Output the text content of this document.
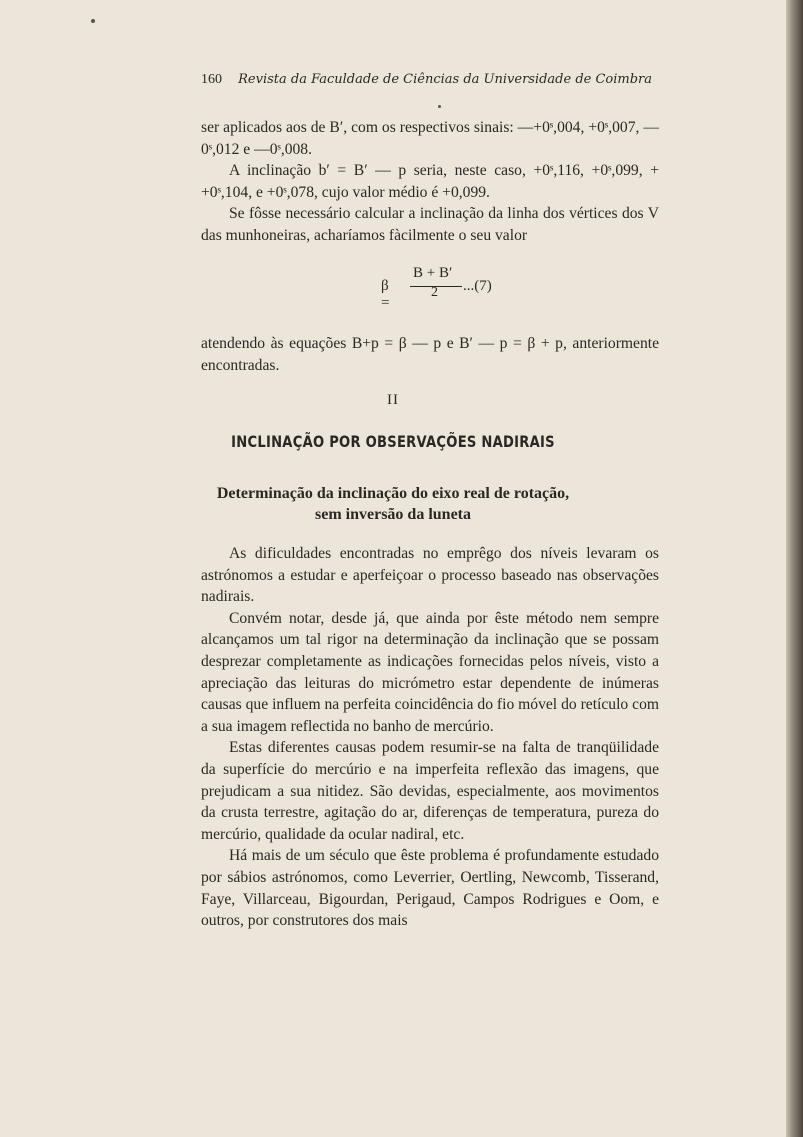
160 Revista da Faculdade de Ciências da Universidade de Coimbra

ser aplicados aos de B′, com os respectivos sinais: —+0ˢ,004, +0ˢ,007, —0ˢ,012 e —0ˢ,008.

A inclinação b′ = B′ — p seria, neste caso, +0ˢ,116, +0ˢ,099, + +0ˢ,104, e +0ˢ,078, cujo valor médio é +0,099.

Se fôsse necessário calcular a inclinação da linha dos vértices dos V das munhoneiras, acharíamos fàcilmente o seu valor

β =
B + B′
2 ...(7)

atendendo às equações B+p = β — p e B′ — p = β + p, anteriormente encontradas.

II
INCLINAÇÃO POR OBSERVAÇÕES NADIRAIS
Determinação da inclinação do eixo real de rotação,
sem inversão da luneta

As dificuldades encontradas no emprêgo dos níveis levaram os astrónomos a estudar e aperfeiçoar o processo baseado nas observações nadirais.

Convém notar, desde já, que ainda por êste método nem sempre alcançamos um tal rigor na determinação da inclinação que se possam desprezar completamente as indicações fornecidas pelos níveis, visto a apreciação das leituras do micrómetro estar dependente de inúmeras causas que influem na perfeita coincidência do fio móvel do retículo com a sua imagem reflectida no banho de mercúrio.

Estas diferentes causas podem resumir-se na falta de tranqüilidade da superfície do mercúrio e na imperfeita reflexão das imagens, que prejudicam a sua nitidez. São devidas, especialmente, aos movimentos da crusta terrestre, agitação do ar, diferenças de temperatura, pureza do mercúrio, qualidade da ocular nadiral, etc.

Há mais de um século que êste problema é profundamente estudado por sábios astrónomos, como Leverrier, Oertling, Newcomb, Tisserand, Faye, Villarceau, Bigourdan, Perigaud, Campos Rodrigues e Oom, e outros, por construtores dos mais
